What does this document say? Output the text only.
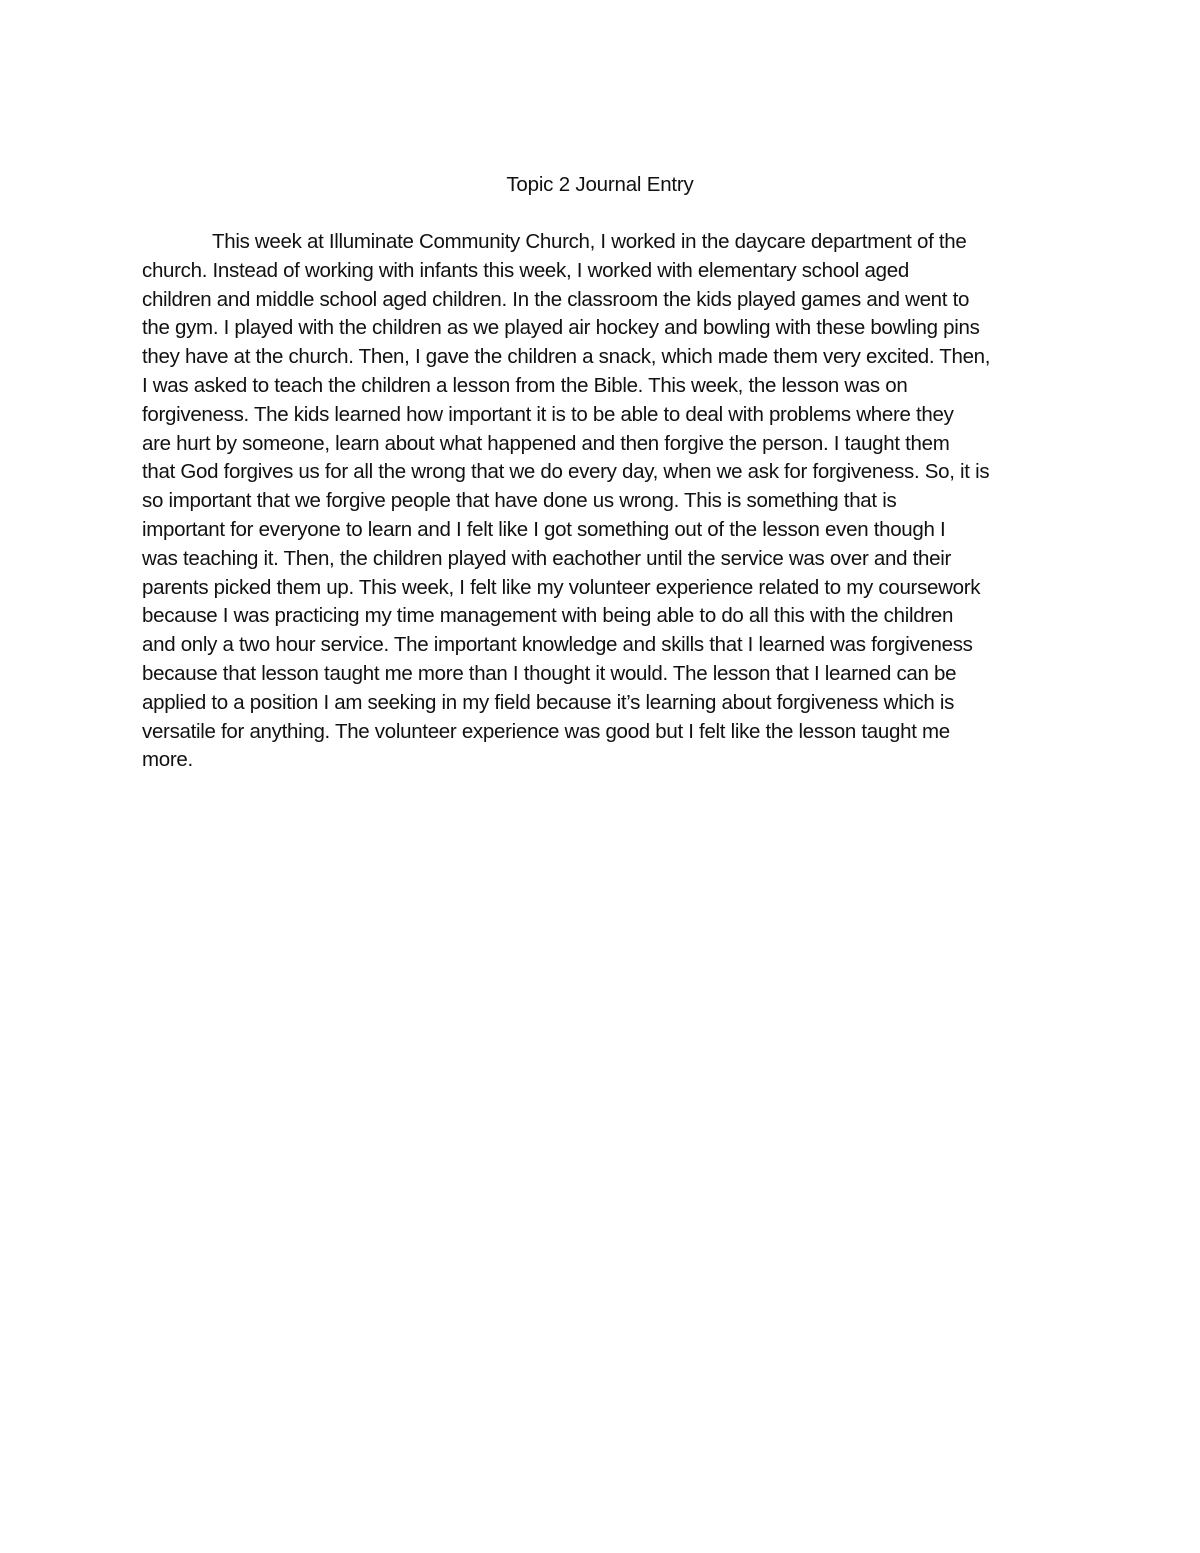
Topic 2 Journal Entry
This week at Illuminate Community Church, I worked in the daycare department of the
church. Instead of working with infants this week, I worked with elementary school aged
children and middle school aged children. In the classroom the kids played games and went to
the gym. I played with the children as we played air hockey and bowling with these bowling pins
they have at the church. Then, I gave the children a snack, which made them very excited. Then,
I was asked to teach the children a lesson from the Bible. This week, the lesson was on
forgiveness. The kids learned how important it is to be able to deal with problems where they
are hurt by someone, learn about what happened and then forgive the person. I taught them
that God forgives us for all the wrong that we do every day, when we ask for forgiveness. So, it is
so important that we forgive people that have done us wrong. This is something that is
important for everyone to learn and I felt like I got something out of the lesson even though I
was teaching it. Then, the children played with eachother until the service was over and their
parents picked them up. This week, I felt like my volunteer experience related to my coursework
because I was practicing my time management with being able to do all this with the children
and only a two hour service. The important knowledge and skills that I learned was forgiveness
because that lesson taught me more than I thought it would. The lesson that I learned can be
applied to a position I am seeking in my field because it’s learning about forgiveness which is
versatile for anything. The volunteer experience was good but I felt like the lesson taught me
more.
